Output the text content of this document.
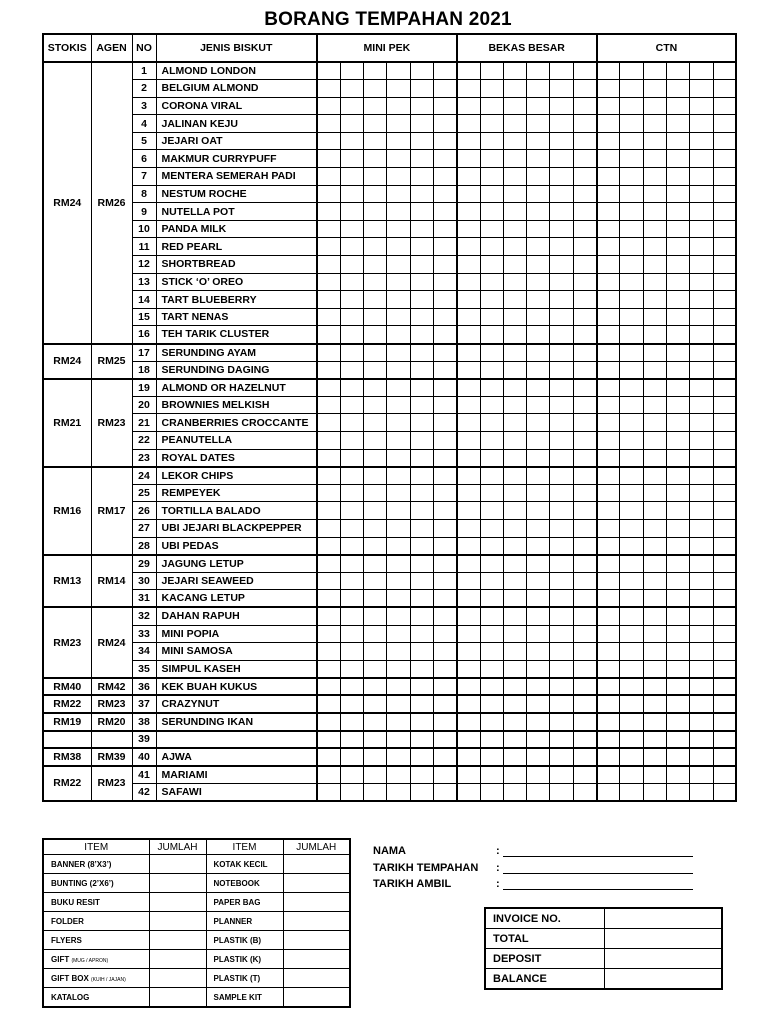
BORANG TEMPAHAN 2021
STOKIS	AGEN	NO	JENIS BISKUT	MINI PEK						BEKAS BESAR						CTN					
RM24	RM26	1	ALMOND LONDON																		
		2	BELGIUM ALMOND																		
		3	CORONA VIRAL																		
		4	JALINAN KEJU																		
		5	JEJARI OAT																		
		6	MAKMUR CURRYPUFF																		
		7	MENTERA SEMERAH PADI																		
		8	NESTUM ROCHE																		
		9	NUTELLA POT																		
		10	PANDA MILK																		
		11	RED PEARL																		
		12	SHORTBREAD																		
		13	STICK ‘O’ OREO																		
		14	TART BLUEBERRY																		
		15	TART NENAS																		
		16	TEH TARIK CLUSTER																		
RM24	RM25	17	SERUNDING AYAM																		
		18	SERUNDING DAGING																		
RM21	RM23	19	ALMOND OR HAZELNUT																		
		20	BROWNIES MELKISH																		
		21	CRANBERRIES CROCCANTE																		
		22	PEANUTELLA																		
		23	ROYAL DATES																		
RM16	RM17	24	LEKOR CHIPS																		
		25	REMPEYEK																		
		26	TORTILLA BALADO																		
		27	UBI JEJARI BLACKPEPPER																		
		28	UBI PEDAS																		
RM13	RM14	29	JAGUNG LETUP																		
		30	JEJARI SEAWEED																		
		31	KACANG LETUP																		
RM23	RM24	32	DAHAN RAPUH																		
		33	MINI POPIA																		
		34	MINI SAMOSA																		
		35	SIMPUL KASEH																		
RM40	RM42	36	KEK BUAH KUKUS																		
RM22	RM23	37	CRAZYNUT																		
RM19	RM20	38	SERUNDING IKAN																		
		39																			
RM38	RM39	40	AJWA																		
RM22	RM23	41	MARIAMI																		
		42	SAFAWI																		
ITEM	JUMLAH	ITEM	JUMLAH
BANNER (8’X3’)		KOTAK KECIL	
BUNTING (2’X6’)		NOTEBOOK	
BUKU RESIT		PAPER BAG	
FOLDER		PLANNER	
FLYERS		PLASTIK (B)	
GIFT (MUG / APRON)		PLASTIK (K)	
GIFT BOX (KUIH / JAJAN)		PLASTIK (T)	
KATALOG		SAMPLE KIT	
NAMA	:
TARIKH TEMPAHAN	:
TARIKH AMBIL	:
INVOICE NO.	
TOTAL	
DEPOSIT	
BALANCE	
